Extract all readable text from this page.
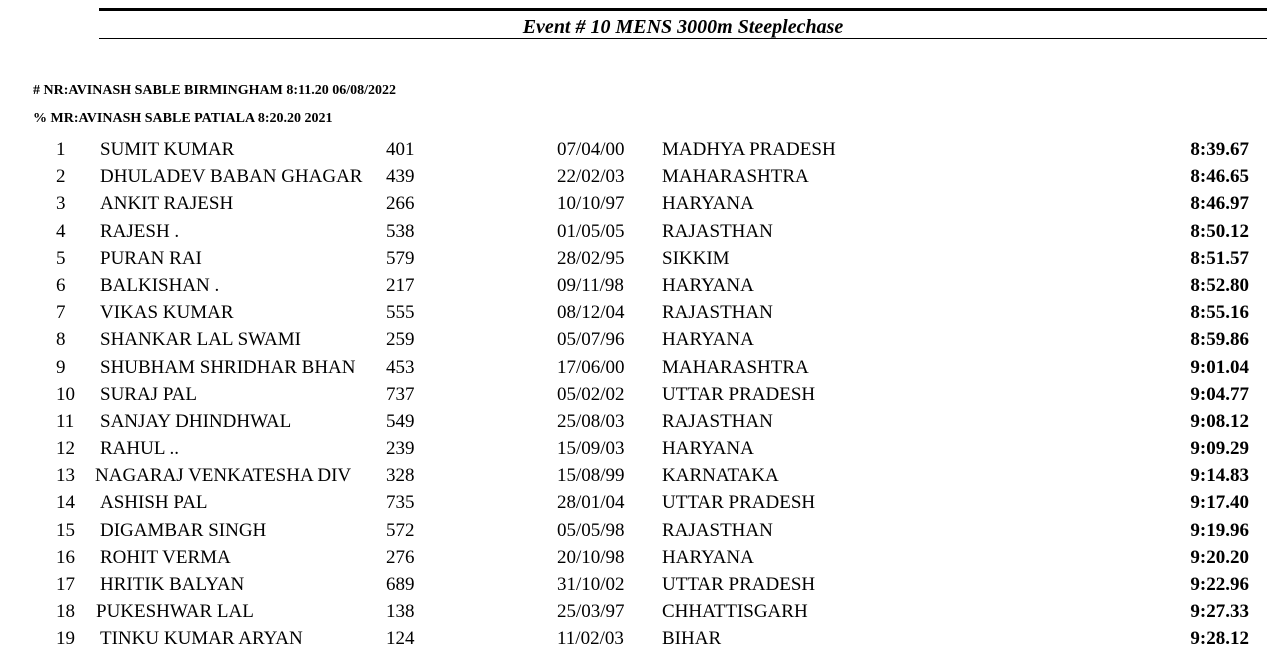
Event # 10 MENS 3000m Steeplechase
# NR:AVINASH SABLE BIRMINGHAM 8:11.20 06/08/2022
% MR:AVINASH SABLE PATIALA 8:20.20 2021
1 SUMIT KUMAR	401	07/04/00 MADHYA PRADESH	8:39.67
2 DHULADEV BABAN GHAGAR 439	22/02/03 MAHARASHTRA	8:46.65
3 ANKIT RAJESH	266	10/10/97 HARYANA	8:46.97
4 RAJESH .	538	01/05/05 RAJASTHAN	8:50.12
5 PURAN RAI	579	28/02/95 SIKKIM	8:51.57
6 BALKISHAN .	217	09/11/98 HARYANA	8:52.80
7 VIKAS KUMAR	555	08/12/04 RAJASTHAN	8:55.16
8 SHANKAR LAL SWAMI	259	05/07/96 HARYANA	8:59.86
9 SHUBHAM SHRIDHAR BHAN 453	17/06/00 MAHARASHTRA	9:01.04
10 SURAJ PAL	737	05/02/02 UTTAR PRADESH	9:04.77
11 SANJAY DHINDHWAL	549	25/08/03 RAJASTHAN	9:08.12
12 RAHUL ..	239	15/09/03 HARYANA	9:09.29
13 NAGARAJ VENKATESHA DIV 328	15/08/99 KARNATAKA	9:14.83
14 ASHISH PAL	735	28/01/04 UTTAR PRADESH	9:17.40
15 DIGAMBAR SINGH	572	05/05/98 RAJASTHAN	9:19.96
16 ROHIT VERMA	276	20/10/98 HARYANA	9:20.20
17 HRITIK BALYAN	689	31/10/02 UTTAR PRADESH	9:22.96
18 PUKESHWAR LAL	138	25/03/97 CHHATTISGARH	9:27.33
19 TINKU KUMAR ARYAN	124	11/02/03 BIHAR	9:28.12
